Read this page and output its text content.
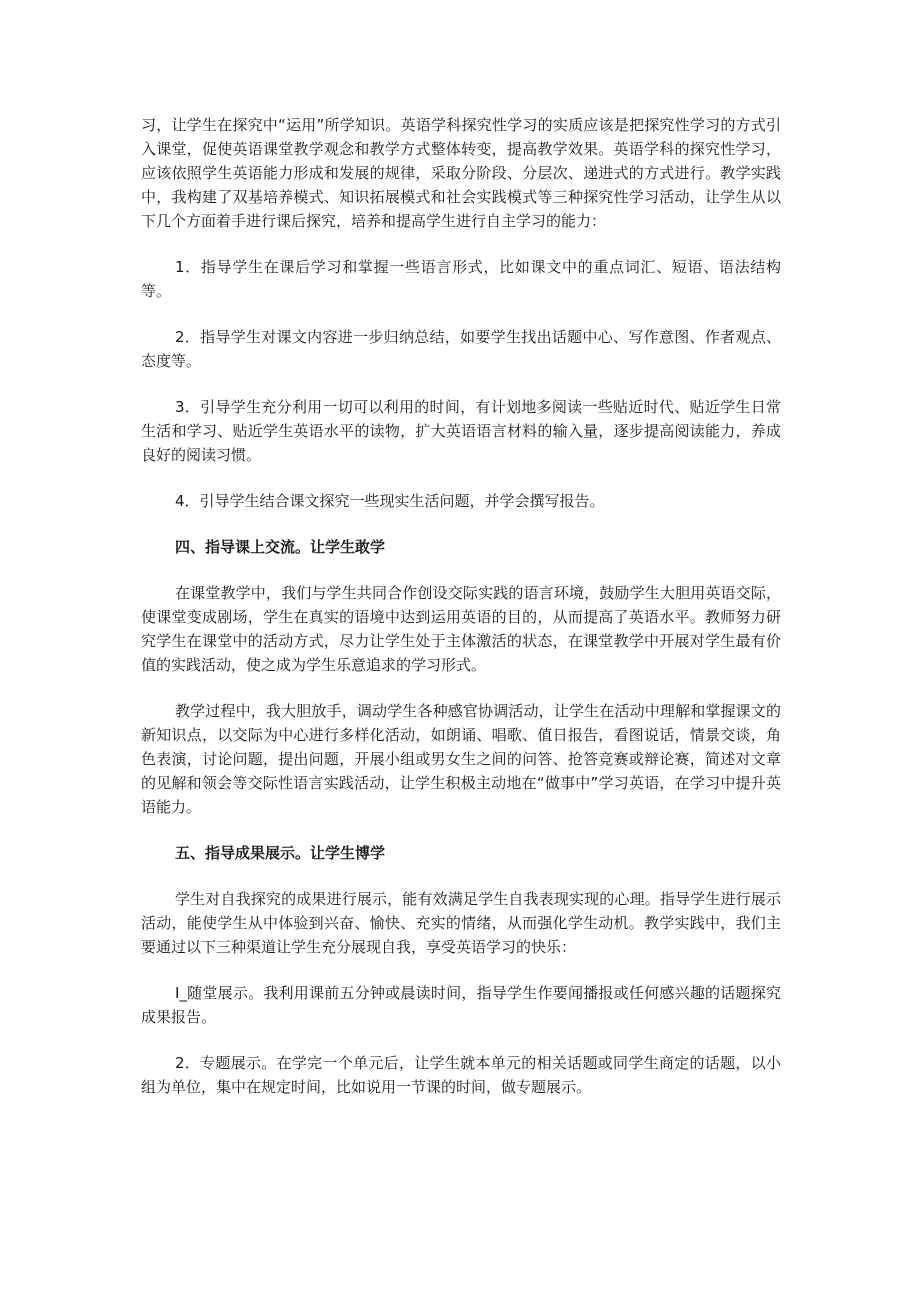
习，让学生在探究中“运用”所学知识。英语学科探究性学习的实质应该是把探究性学习的方式引入课堂，促使英语课堂教学观念和教学方式整体转变，提高教学效果。英语学科的探究性学习，应该依照学生英语能力形成和发展的规律，采取分阶段、分层次、递进式的方式进行。教学实践中，我构建了双基培养模式、知识拓展模式和社会实践模式等三种探究性学习活动，让学生从以下几个方面着手进行课后探究，培养和提高学生进行自主学习的能力：

1．指导学生在课后学习和掌握一些语言形式，比如课文中的重点词汇、短语、语法结构等。

2．指导学生对课文内容进一步归纳总结，如要学生找出话题中心、写作意图、作者观点、态度等。

3．引导学生充分利用一切可以利用的时间，有计划地多阅读一些贴近时代、贴近学生日常生活和学习、贴近学生英语水平的读物，扩大英语语言材料的输入量，逐步提高阅读能力，养成良好的阅读习惯。

4．引导学生结合课文探究一些现实生活问题，并学会撰写报告。

四、指导课上交流。让学生敢学

在课堂教学中，我们与学生共同合作创设交际实践的语言环境，鼓励学生大胆用英语交际，使课堂变成剧场，学生在真实的语境中达到运用英语的目的，从而提高了英语水平。教师努力研究学生在课堂中的活动方式，尽力让学生处于主体激活的状态，在课堂教学中开展对学生最有价值的实践活动，使之成为学生乐意追求的学习形式。

教学过程中，我大胆放手，调动学生各种感官协调活动，让学生在活动中理解和掌握课文的新知识点，以交际为中心进行多样化活动，如朗诵、唱歌、值日报告，看图说话，情景交谈，角色表演，讨论问题，提出问题，开展小组或男女生之间的问答、抢答竞赛或辩论赛，简述对文章的见解和领会等交际性语言实践活动，让学生积极主动地在“做事中”学习英语，在学习中提升英语能力。

五、指导成果展示。让学生博学

学生对自我探究的成果进行展示，能有效满足学生自我表现实现的心理。指导学生进行展示活动，能使学生从中体验到兴奋、愉快、充实的情绪，从而强化学生动机。教学实践中，我们主要通过以下三种渠道让学生充分展现自我，享受英语学习的快乐：

I_随堂展示。我利用课前五分钟或晨读时间，指导学生作要闻播报或任何感兴趣的话题探究成果报告。

2．专题展示。在学完一个单元后，让学生就本单元的相关话题或同学生商定的话题，以小组为单位，集中在规定时间，比如说用一节课的时间，做专题展示。
